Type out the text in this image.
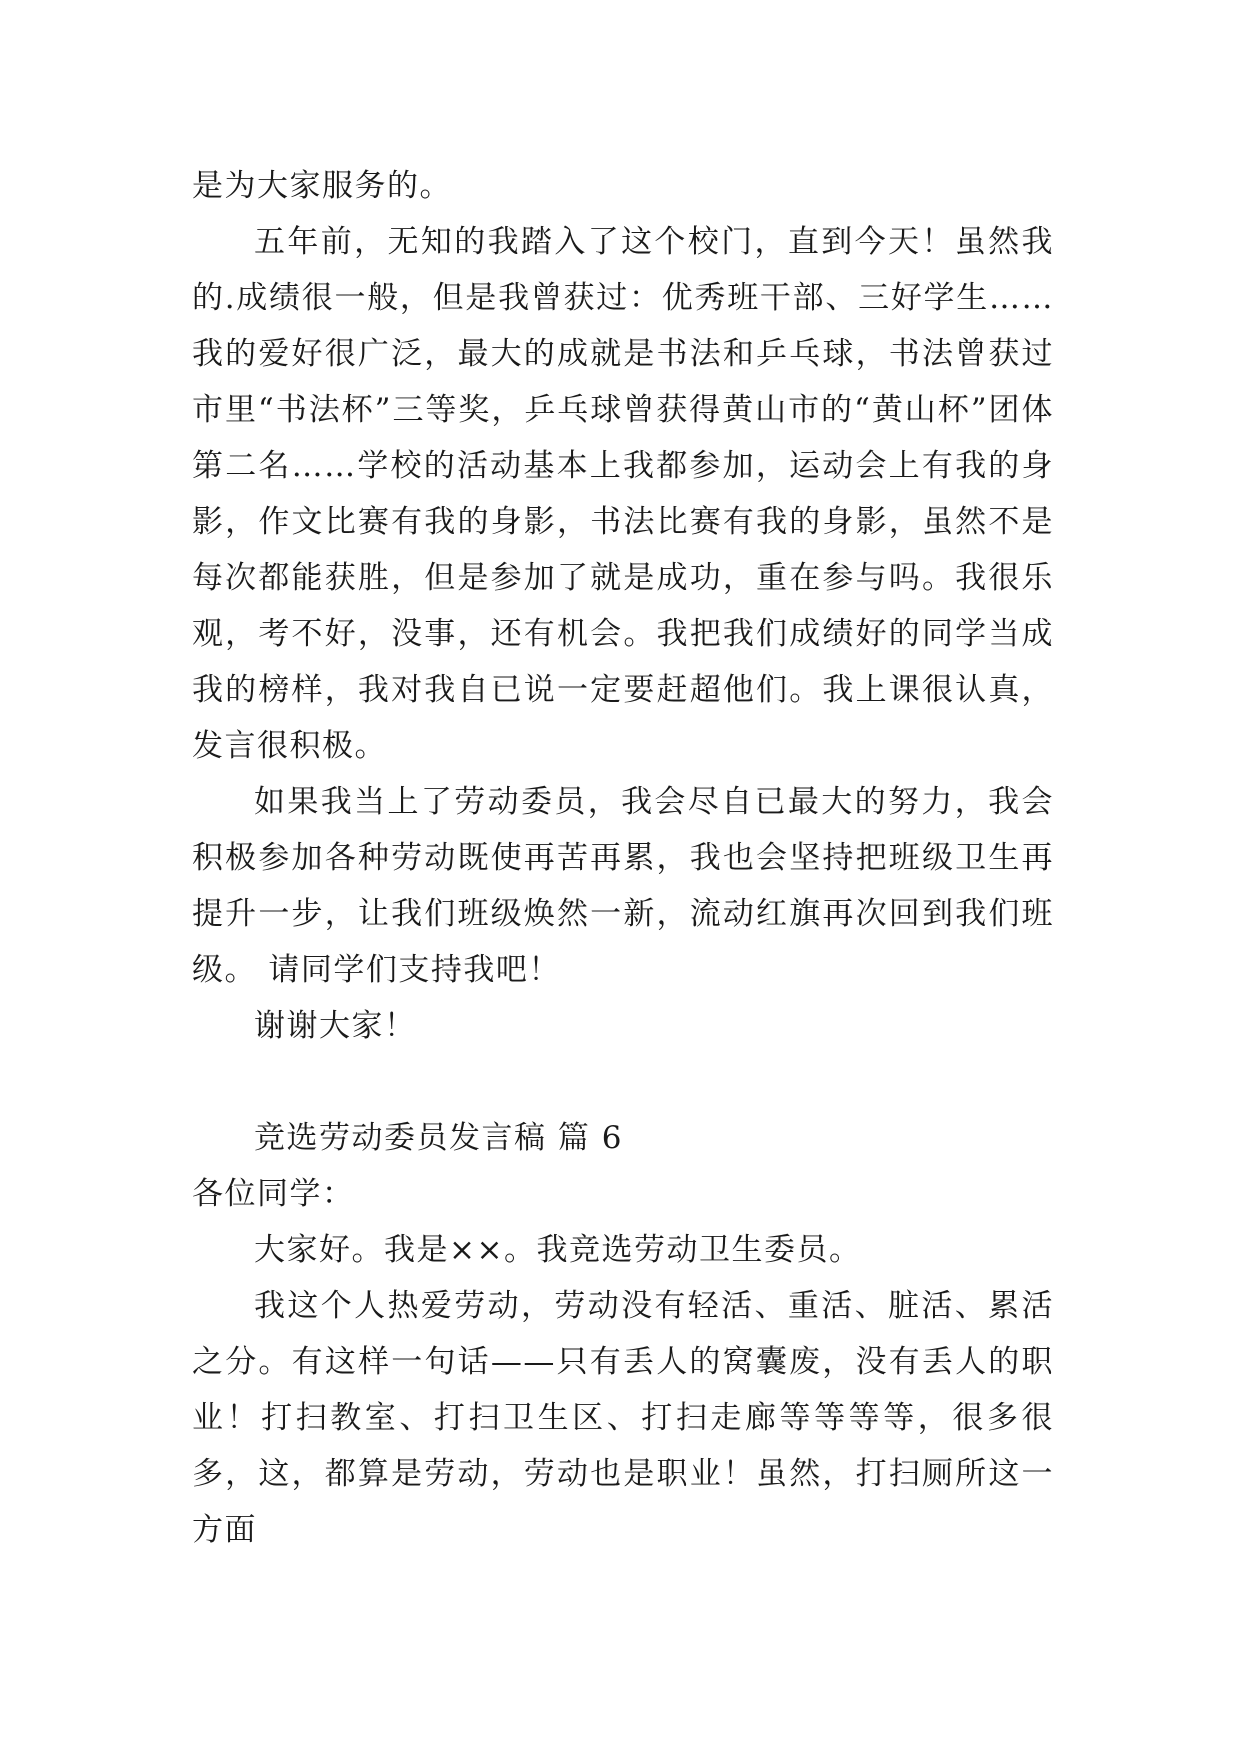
是为大家服务的。

五年前，无知的我踏入了这个校门，直到今天！虽然我的.成绩很一般，但是我曾获过：优秀班干部、三好学生……我的爱好很广泛，最大的成就是书法和乒乓球，书法曾获过市里“书法杯”三等奖，乒乓球曾获得黄山市的“黄山杯”团体第二名……学校的活动基本上我都参加，运动会上有我的身影，作文比赛有我的身影，书法比赛有我的身影，虽然不是每次都能获胜，但是参加了就是成功，重在参与吗。我很乐观，考不好，没事，还有机会。我把我们成绩好的同学当成我的榜样，我对我自已说一定要赶超他们。我上课很认真，发言很积极。

如果我当上了劳动委员，我会尽自已最大的努力，我会积极参加各种劳动既使再苦再累，我也会坚持把班级卫生再提升一步，让我们班级焕然一新，流动红旗再次回到我们班级。 请同学们支持我吧！

谢谢大家！

竞选劳动委员发言稿 篇 6

各位同学：

大家好。我是××。我竞选劳动卫生委员。

我这个人热爱劳动，劳动没有轻活、重活、脏活、累活之分。有这样一句话——只有丢人的窝囊废，没有丢人的职业！打扫教室、打扫卫生区、打扫走廊等等等等，很多很多，这，都算是劳动，劳动也是职业！虽然，打扫厕所这一方面
